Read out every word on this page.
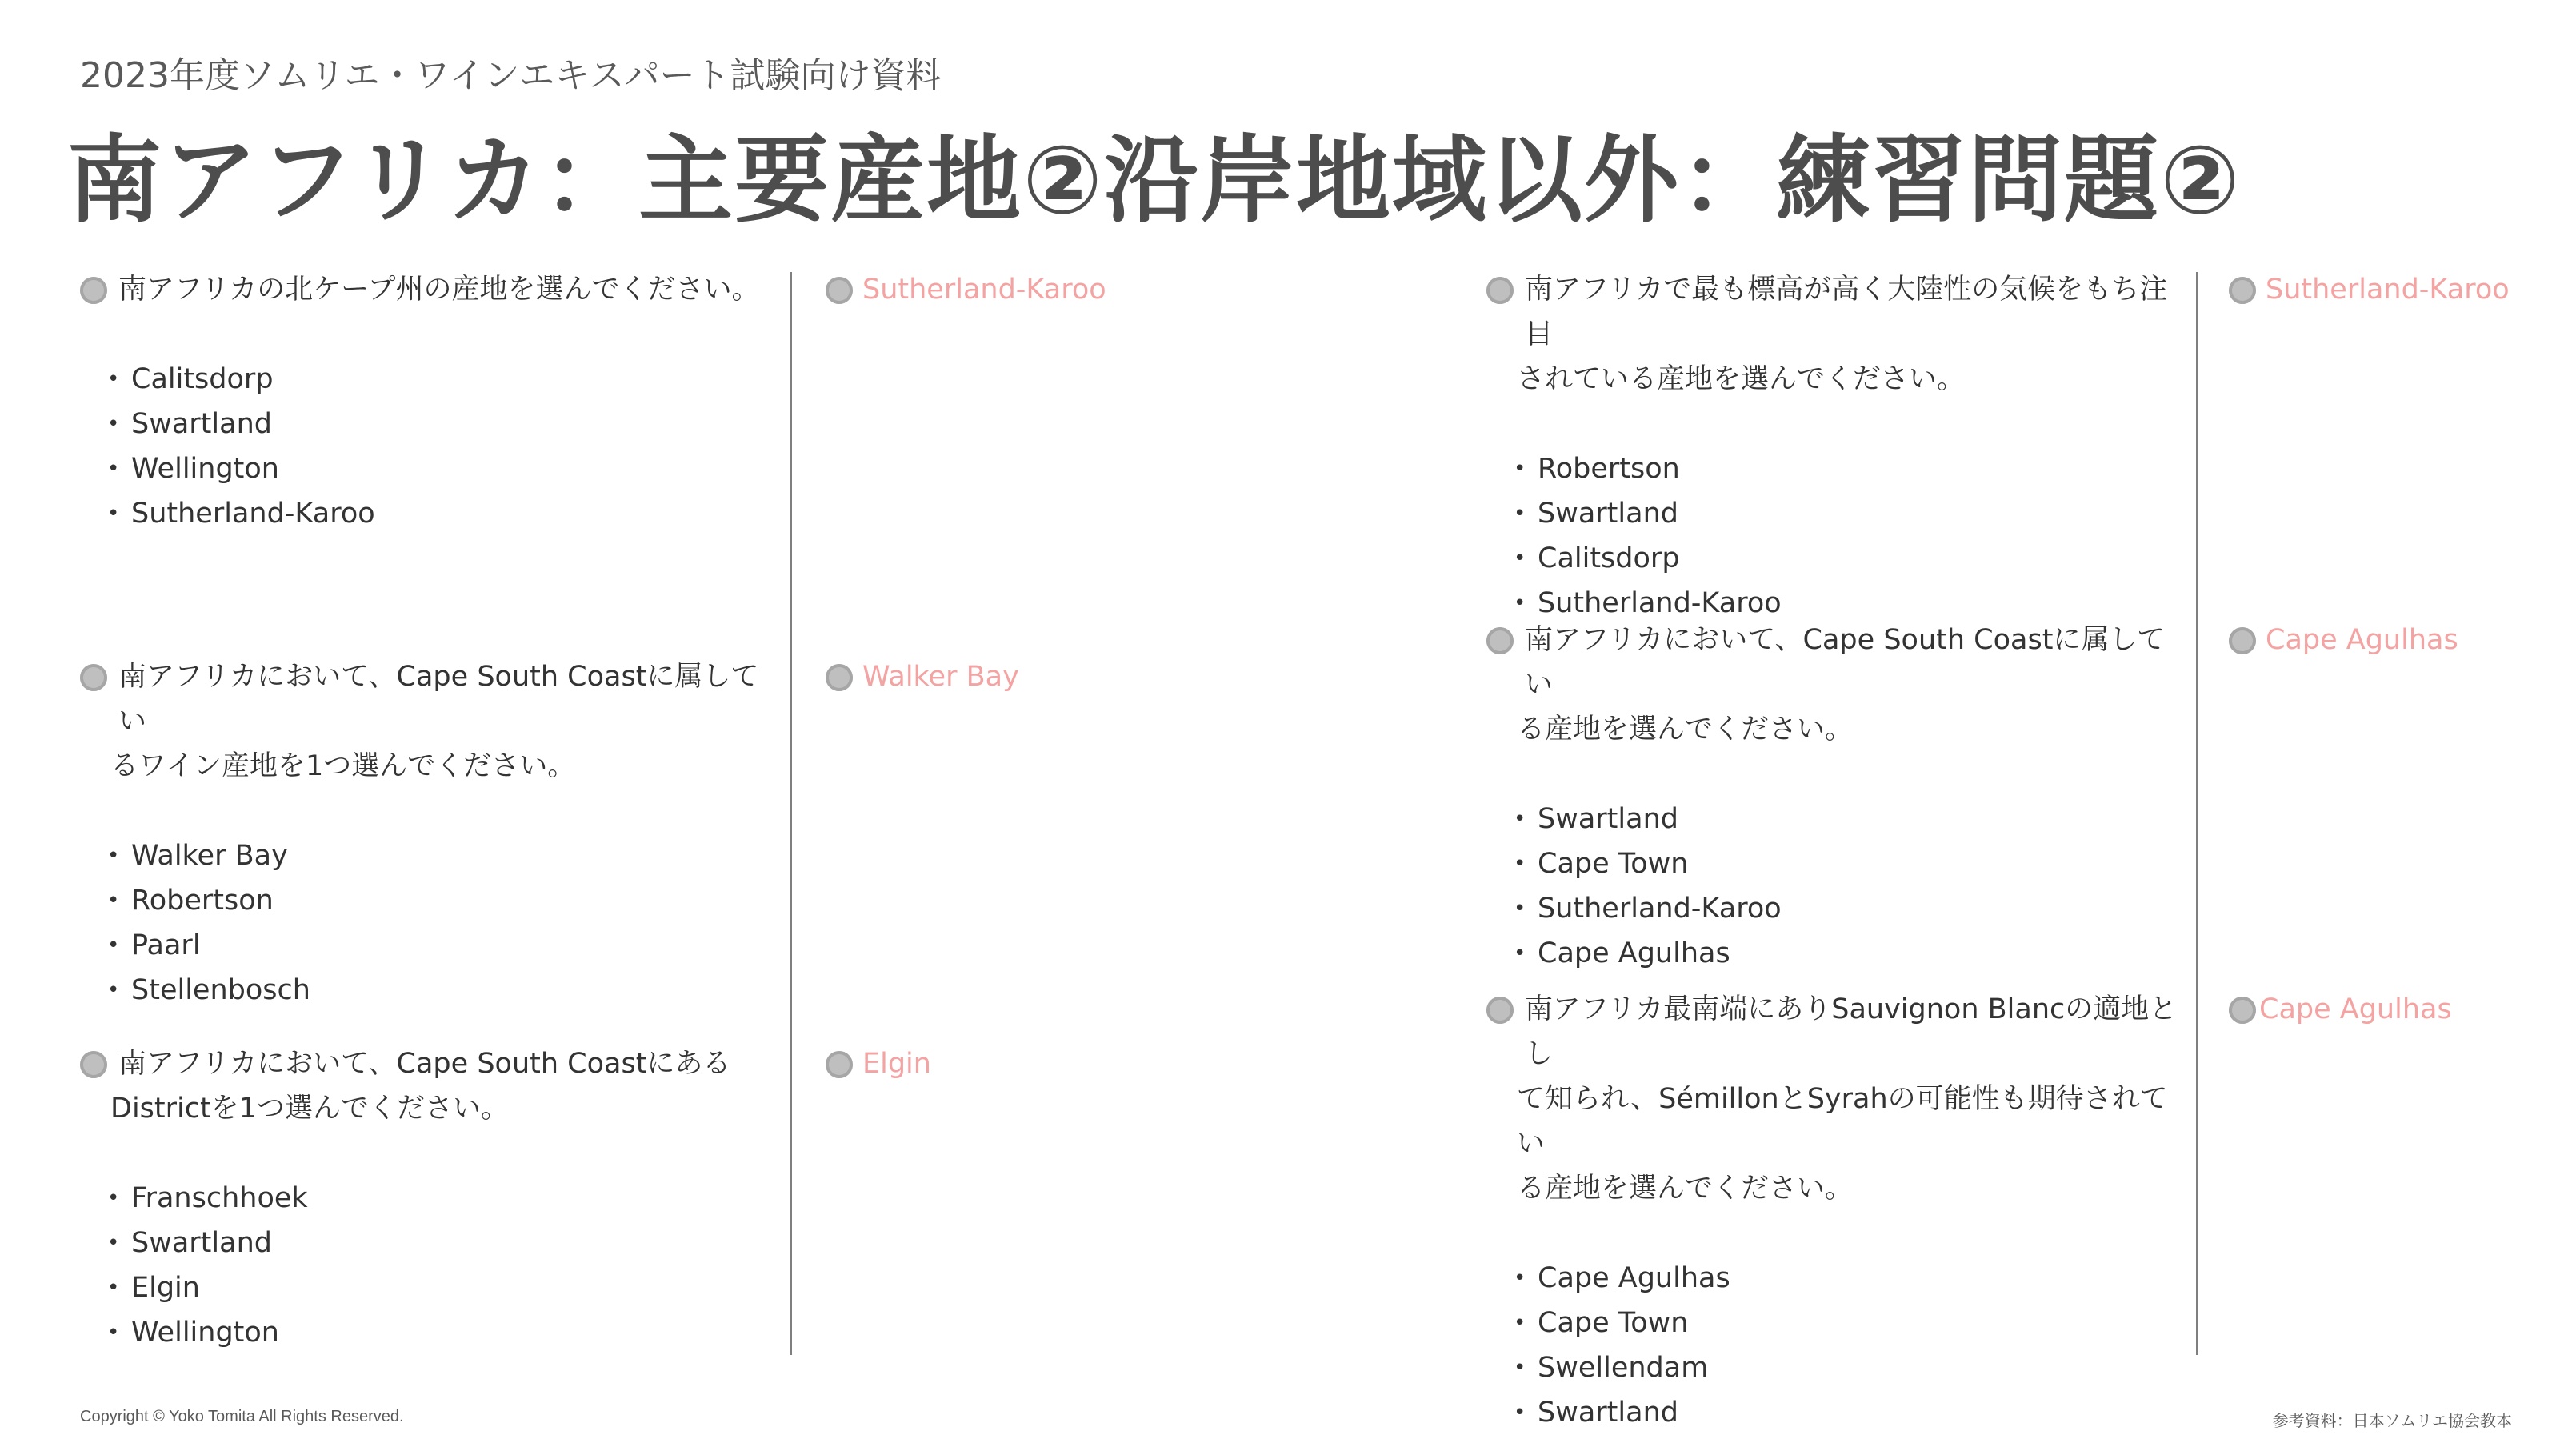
2023年度ソムリエ・ワインエキスパート試験向け資料
南アフリカ：主要産地②沿岸地域以外：練習問題②
南アフリカの北ケープ州の産地を選んでください。
• Calitsdorp
• Swartland
• Wellington
• Sutherland-Karoo
Sutherland-Karoo
南アフリカにおいて、Cape South Coastに属してい
るワイン産地を1つ選んでください。
• Walker Bay
• Robertson
• Paarl
• Stellenbosch
Walker Bay
南アフリカにおいて、Cape South Coastにある
Districtを1つ選んでください。
• Franschhoek
• Swartland
• Elgin
• Wellington
Elgin
南アフリカで最も標高が高く大陸性の気候をもち注目
されている産地を選んでください。
• Robertson
• Swartland
• Calitsdorp
• Sutherland-Karoo
Sutherland-Karoo
南アフリカにおいて、Cape South Coastに属してい
る産地を選んでください。
• Swartland
• Cape Town
• Sutherland-Karoo
• Cape Agulhas
Cape Agulhas
南アフリカ最南端にありSauvignon Blancの適地とし
て知られ、SémillonとSyrahの可能性も期待されてい
る産地を選んでください。
• Cape Agulhas
• Cape Town
• Swellendam
• Swartland
Cape Agulhas
Copyright © Yoko Tomita All Rights Reserved.	参考資料：日本ソムリエ協会教本
